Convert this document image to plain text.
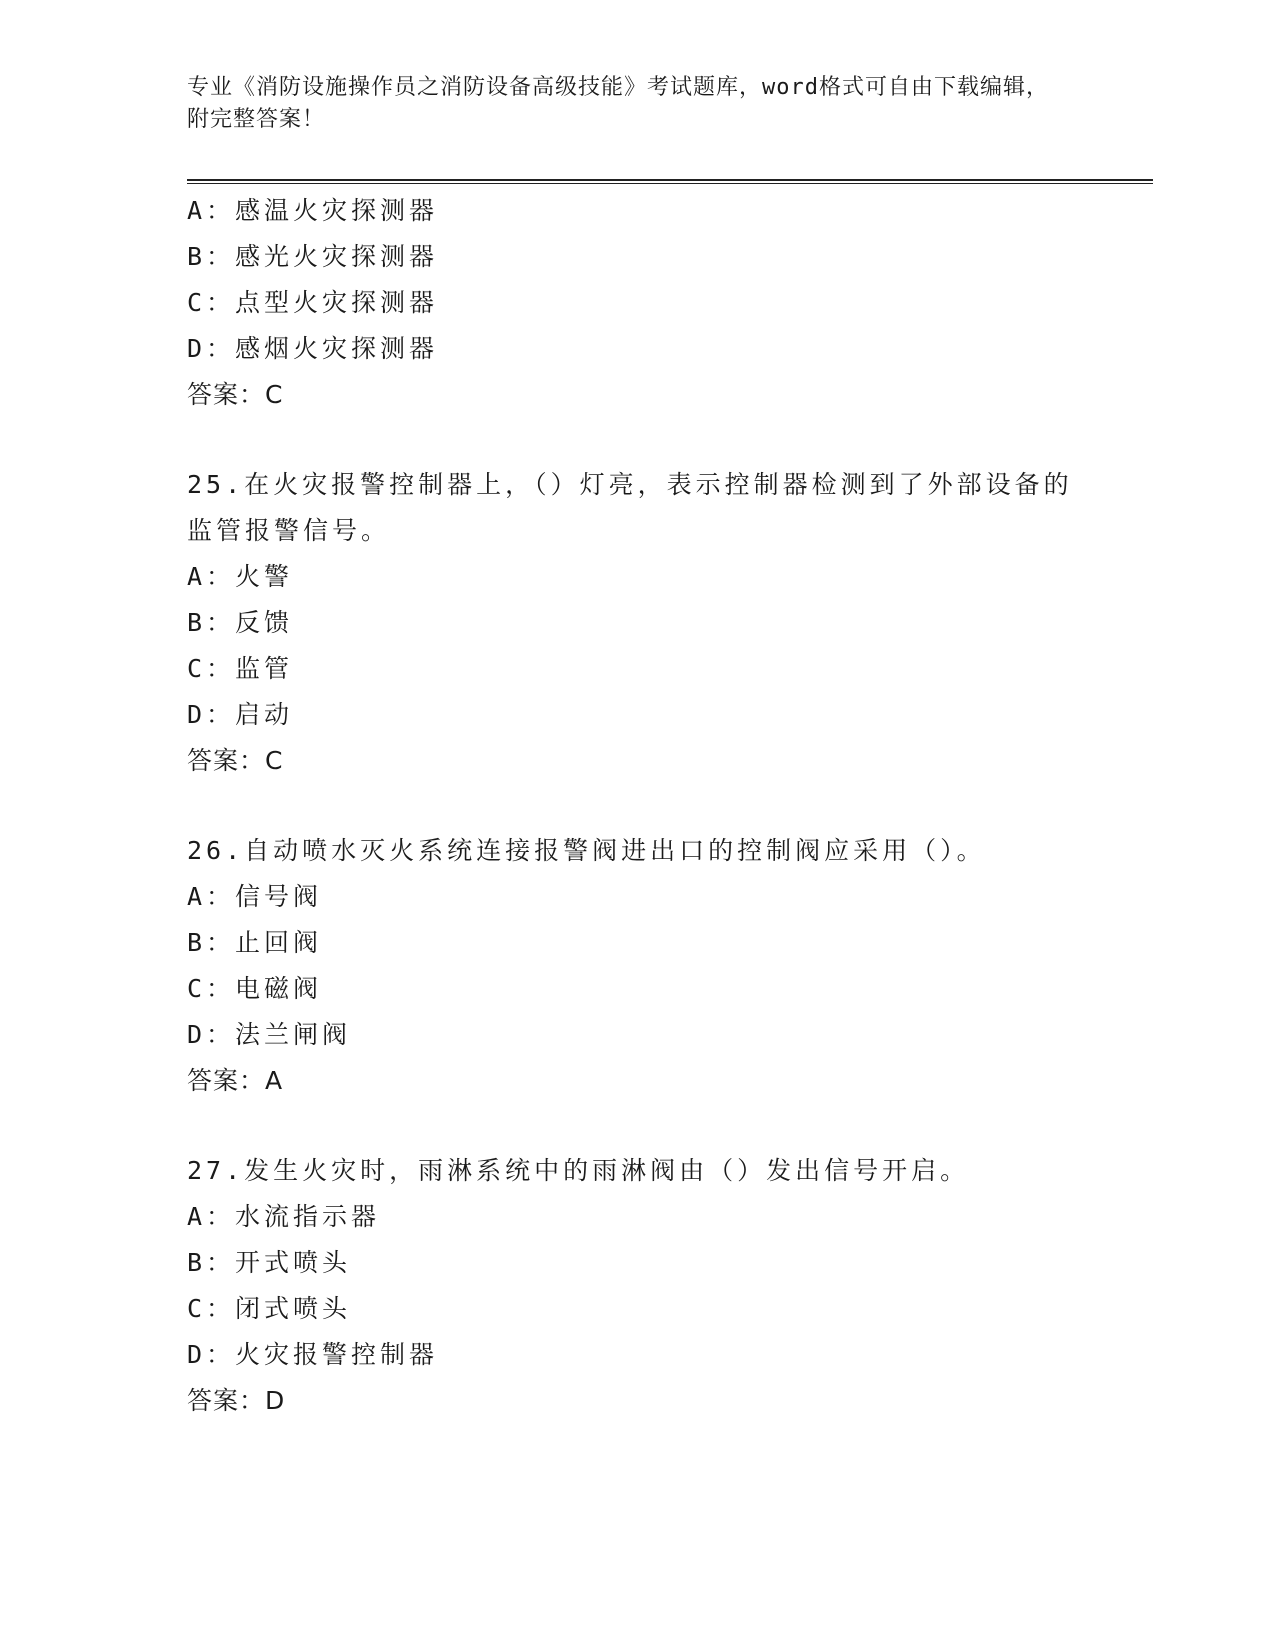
专业《消防设施操作员之消防设备高级技能》考试题库，word格式可自由下载编辑，附完整答案！
A：感温火灾探测器
B：感光火灾探测器
C：点型火灾探测器
D：感烟火灾探测器
答案：C
25.在火灾报警控制器上，（）灯亮，表示控制器检测到了外部设备的
监管报警信号。
A：火警
B：反馈
C：监管
D：启动
答案：C
26.自动喷水灭火系统连接报警阀进出口的控制阀应采用（）。
A：信号阀
B：止回阀
C：电磁阀
D：法兰闸阀
答案：A
27.发生火灾时，雨淋系统中的雨淋阀由（）发出信号开启。
A：水流指示器
B：开式喷头
C：闭式喷头
D：火灾报警控制器
答案：D
